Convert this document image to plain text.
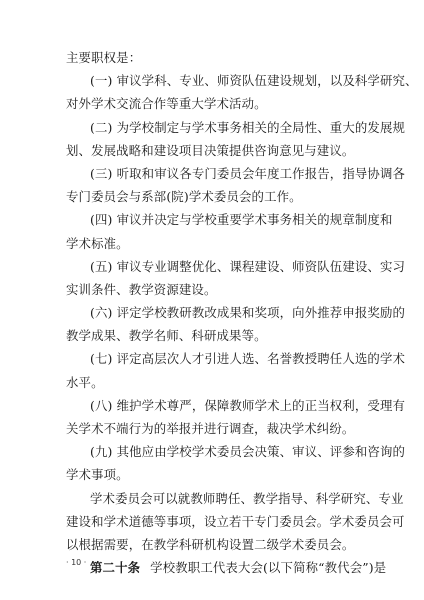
主要职权是：
(一) 审议学科、专业、师资队伍建设规划，以及科学研究、
对外学术交流合作等重大学术活动。
(二) 为学校制定与学术事务相关的全局性、重大的发展规
划、发展战略和建设项目决策提供咨询意见与建议。
(三) 听取和审议各专门委员会年度工作报告，指导协调各
专门委员会与系部(院)学术委员会的工作。
(四) 审议并决定与学校重要学术事务相关的规章制度和
学术标准。
(五) 审议专业调整优化、课程建设、师资队伍建设、实习
实训条件、教学资源建设。
(六) 评定学校教研教改成果和奖项，向外推荐申报奖励的
教学成果、教学名师、科研成果等。
(七) 评定高层次人才引进人选、名誉教授聘任人选的学术
水平。
(八) 维护学术尊严，保障教师学术上的正当权利，受理有
关学术不端行为的举报并进行调查，裁决学术纠纷。
(九) 其他应由学校学术委员会决策、审议、评参和咨询的
学术事项。
学术委员会可以就教师聘任、教学指导、科学研究、专业
建设和学术道德等事项，设立若干专门委员会。学术委员会可
以根据需要，在教学科研机构设置二级学术委员会。
第二十条 学校教职工代表大会(以下简称“教代会”)是
· 10 ·
